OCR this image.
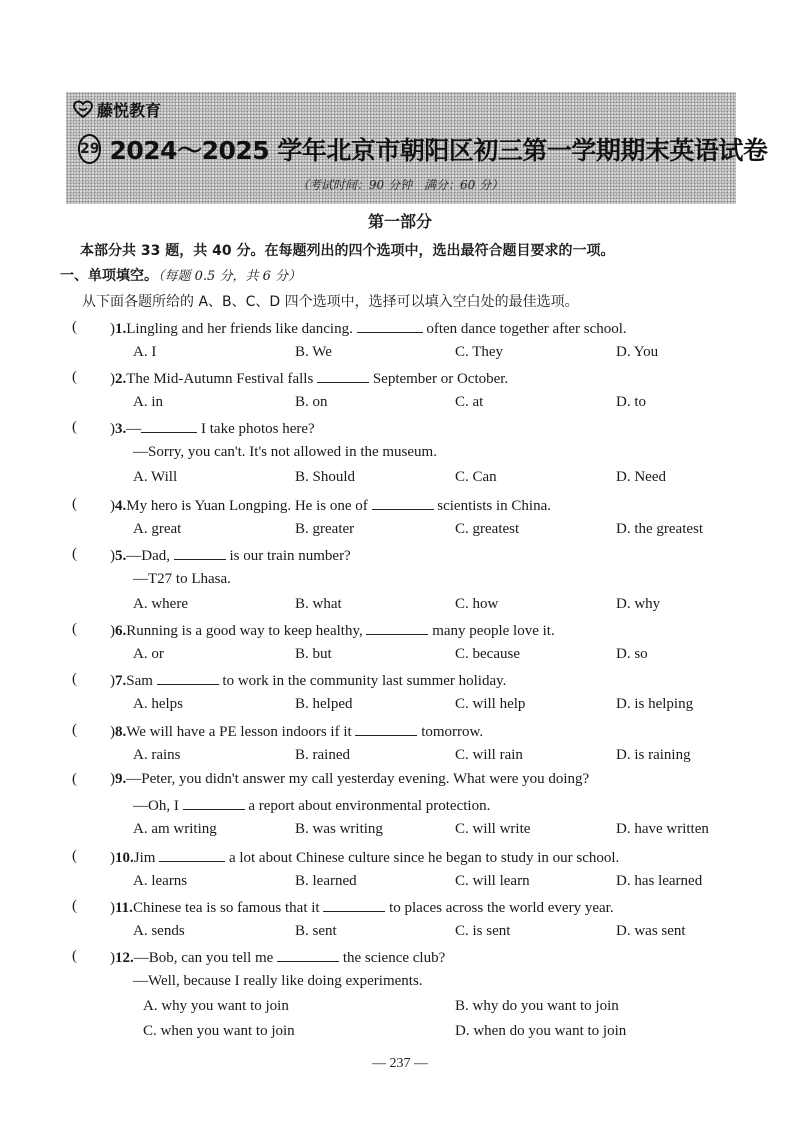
藤悦教育
29 2024～2025 学年北京市朝阳区初三第一学期期末英语试卷
（考试时间：90 分钟　满分：60 分）
第一部分
本部分共 33 题，共 40 分。在每题列出的四个选项中，选出最符合题目要求的一项。
一、单项填空。（每题 0.5 分，共 6 分）
从下面各题所给的 A、B、C、D 四个选项中，选择可以填入空白处的最佳选项。
( )1.Lingling and her friends like dancing.	often dance together after school.
A. I	B. We	C. They	D. You
( )2.The Mid-Autumn Festival falls	September or October.
A. in	B. on	C. at	D. to
( )3.—	I take photos here?
—Sorry, you can't. It's not allowed in the museum.
A. Will	B. Should	C. Can	D. Need
( )4.My hero is Yuan Longping. He is one of	scientists in China.
A. great	B. greater	C. greatest	D. the greatest
( )5.—Dad,	is our train number?
—T27 to Lhasa.
A. where	B. what	C. how	D. why
( )6.Running is a good way to keep healthy,	many people love it.
A. or	B. but	C. because	D. so
( )7.Sam	to work in the community last summer holiday.
A. helps	B. helped	C. will help	D. is helping
( )8.We will have a PE lesson indoors if it	tomorrow.
A. rains	B. rained	C. will rain	D. is raining
( )9.—Peter, you didn't answer my call yesterday evening. What were you doing?
—Oh, I	a report about environmental protection.
A. am writing	B. was writing	C. will write	D. have written
( )10.Jim	a lot about Chinese culture since he began to study in our school.
A. learns	B. learned	C. will learn	D. has learned
( )11.Chinese tea is so famous that it	to places across the world every year.
A. sends	B. sent	C. is sent	D. was sent
( )12.—Bob, can you tell me	the science club?
—Well, because I really like doing experiments.
A. why you want to join	B. why do you want to join
C. when you want to join	D. when do you want to join
— 237 —
